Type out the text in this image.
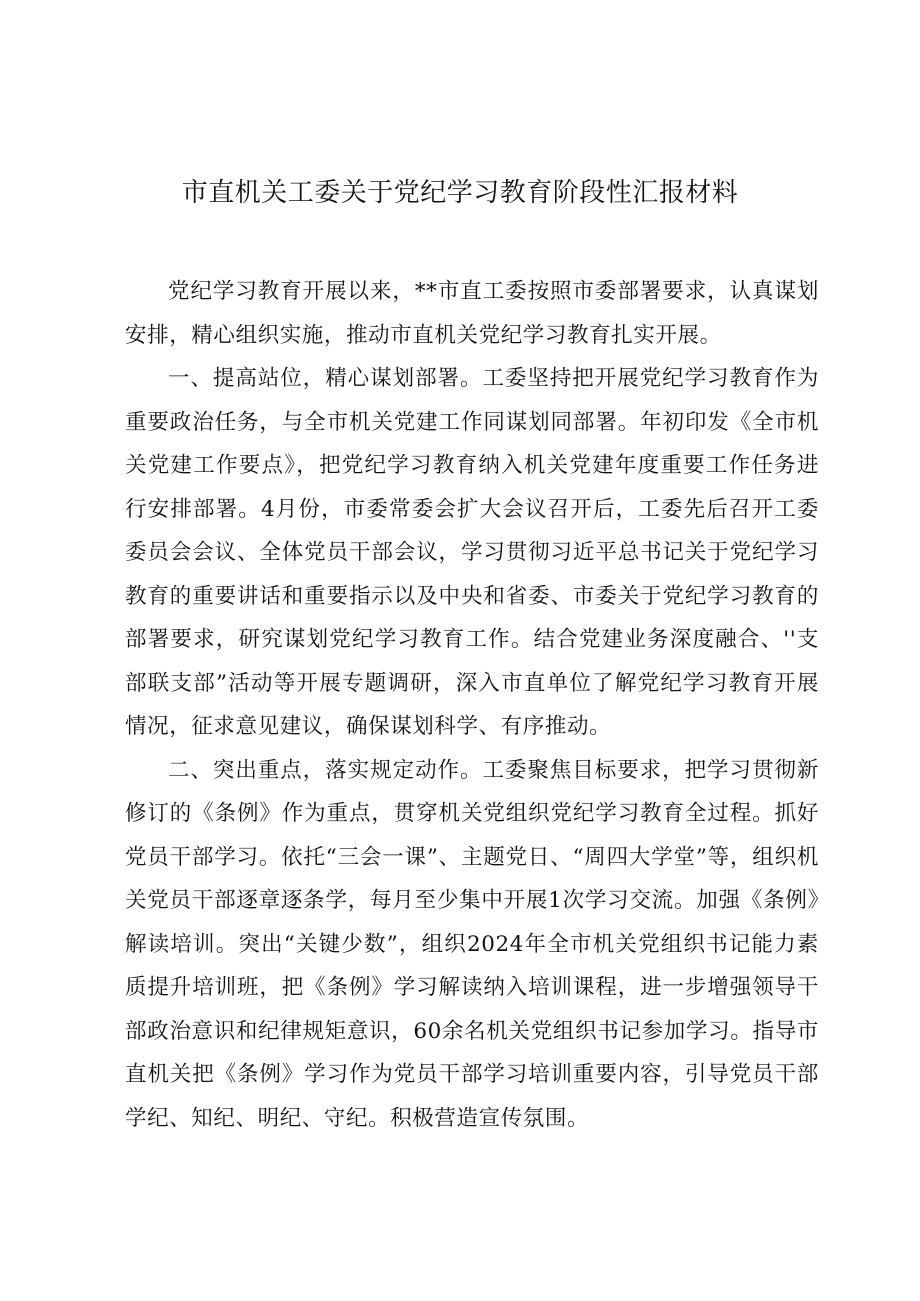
市直机关工委关于党纪学习教育阶段性汇报材料

党纪学习教育开展以来，**市直工委按照市委部署要求，认真谋划安排，精心组织实施，推动市直机关党纪学习教育扎实开展。

一、提高站位，精心谋划部署。工委坚持把开展党纪学习教育作为重要政治任务，与全市机关党建工作同谋划同部署。年初印发《全市机关党建工作要点》，把党纪学习教育纳入机关党建年度重要工作任务进行安排部署。4月份，市委常委会扩大会议召开后，工委先后召开工委委员会会议、全体党员干部会议，学习贯彻习近平总书记关于党纪学习教育的重要讲话和重要指示以及中央和省委、市委关于党纪学习教育的部署要求，研究谋划党纪学习教育工作。结合党建业务深度融合、''支部联支部”活动等开展专题调研，深入市直单位了解党纪学习教育开展情况，征求意见建议，确保谋划科学、有序推动。

二、突出重点，落实规定动作。工委聚焦目标要求，把学习贯彻新修订的《条例》作为重点，贯穿机关党组织党纪学习教育全过程。抓好党员干部学习。依托“三会一课”、主题党日、“周四大学堂”等，组织机关党员干部逐章逐条学，每月至少集中开展1次学习交流。加强《条例》解读培训。突出“关键少数”，组织2024年全市机关党组织书记能力素质提升培训班，把《条例》学习解读纳入培训课程，进一步增强领导干部政治意识和纪律规矩意识，60余名机关党组织书记参加学习。指导市直机关把《条例》学习作为党员干部学习培训重要内容，引导党员干部学纪、知纪、明纪、守纪。积极营造宣传氛围。
